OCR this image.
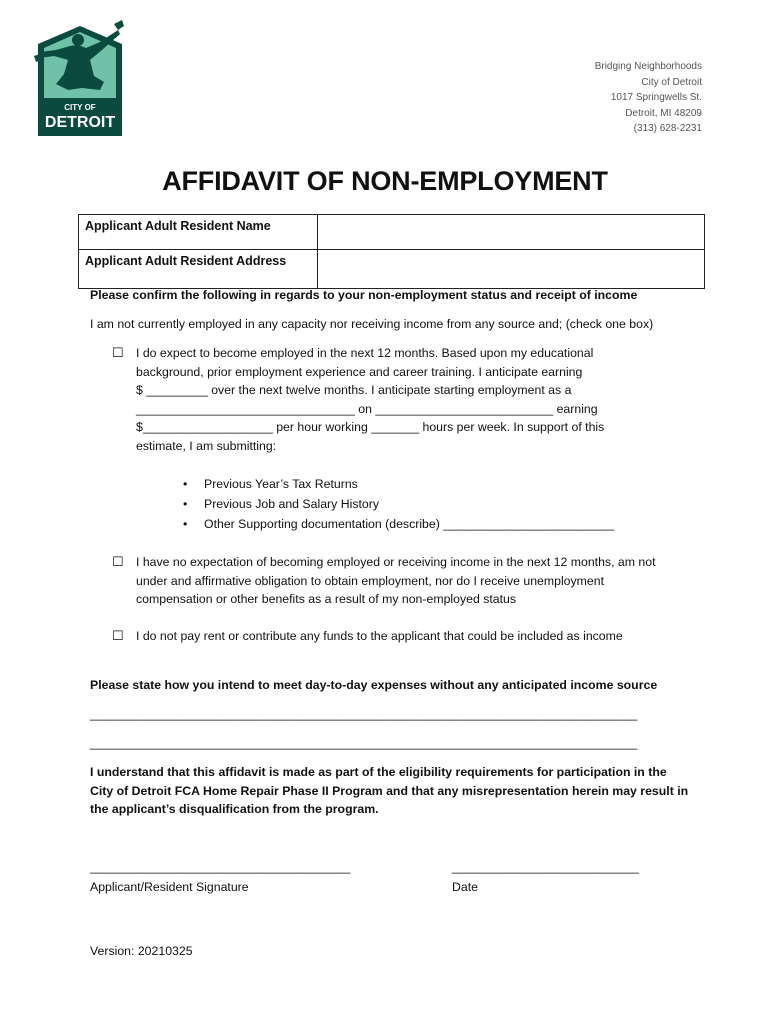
CITY OF
DETROIT
Bridging Neighborhoods
City of Detroit
1017 Springwells St.
Detroit, MI 48209
(313) 628-2231
AFFIDAVIT OF NON-EMPLOYMENT
Applicant Adult Resident Name	
Applicant Adult Resident Address	
Please confirm the following in regards to your non-employment status and receipt of income
I am not currently employed in any capacity nor receiving income from any source and; (check one box)
☐ I do expect to become employed in the next 12 months. Based upon my educational
background, prior employment experience and career training. I anticipate earning
$ _________ over the next twelve months. I anticipate starting employment as a
________________________________ on __________________________ earning
$___________________ per hour working _______ hours per week. In support of this
estimate, I am submitting:
• Previous Year’s Tax Returns
• Previous Job and Salary History
• Other Supporting documentation (describe) _________________________
☐ I have no expectation of becoming employed or receiving income in the next 12 months, am not
under and affirmative obligation to obtain employment, nor do I receive unemployment
compensation or other benefits as a result of my non-employed status
☐ I do not pay rent or contribute any funds to the applicant that could be included as income
Please state how you intend to meet day-to-day expenses without any anticipated income source
__________________________________________________________________________________
__________________________________________________________________________________
I understand that this affidavit is made as part of the eligibility requirements for participation in the
City of Detroit FCA Home Repair Phase II Program and that any misrepresentation herein may result in
the applicant’s disqualification from the program.
_______________________________________
Applicant/Resident Signature
____________________________
Date
Version: 20210325
